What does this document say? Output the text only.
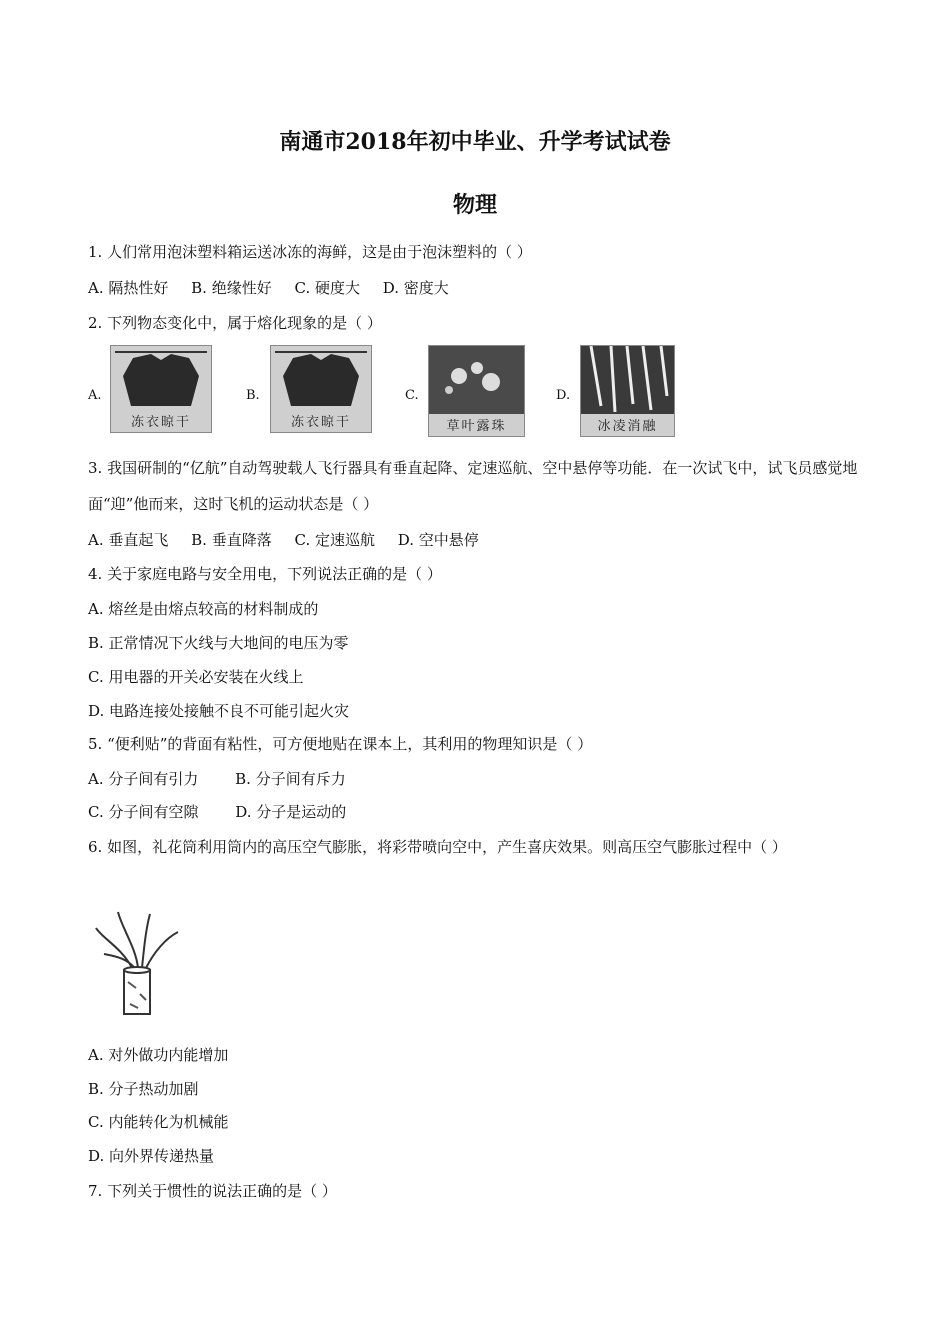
南通市2018年初中毕业、升学考试试卷
物理
1. 人们常用泡沫塑料箱运送冰冻的海鲜，这是由于泡沫塑料的（ ）
A. 隔热性好 B. 绝缘性好 C. 硬度大 D. 密度大
2. 下列物态变化中，属于熔化现象的是（ ）
A.
冻衣晾干
B.
冻衣晾干
C.
草叶露珠
D.
冰凌消融
3. 我国研制的“亿航”自动驾驶载人飞行器具有垂直起降、定速巡航、空中悬停等功能．在一次试飞中，试飞员感觉地面“迎”他而来，这时飞机的运动状态是（ ）
A. 垂直起飞 B. 垂直降落 C. 定速巡航 D. 空中悬停
4. 关于家庭电路与安全用电，下列说法正确的是（ ）
A. 熔丝是由熔点较高的材料制成的
B. 正常情况下火线与大地间的电压为零
C. 用电器的开关必安装在火线上
D. 电路连接处接触不良不可能引起火灾
5. “便利贴”的背面有粘性，可方便地贴在课本上，其利用的物理知识是（ ）
A. 分子间有引力 B. 分子间有斥力
C. 分子间有空隙 D. 分子是运动的
6. 如图，礼花筒利用筒内的高压空气膨胀，将彩带喷向空中，产生喜庆效果。则高压空气膨胀过程中（ ）
A. 对外做功内能增加
B. 分子热动加剧
C. 内能转化为机械能
D. 向外界传递热量
7. 下列关于惯性的说法正确的是（ ）
